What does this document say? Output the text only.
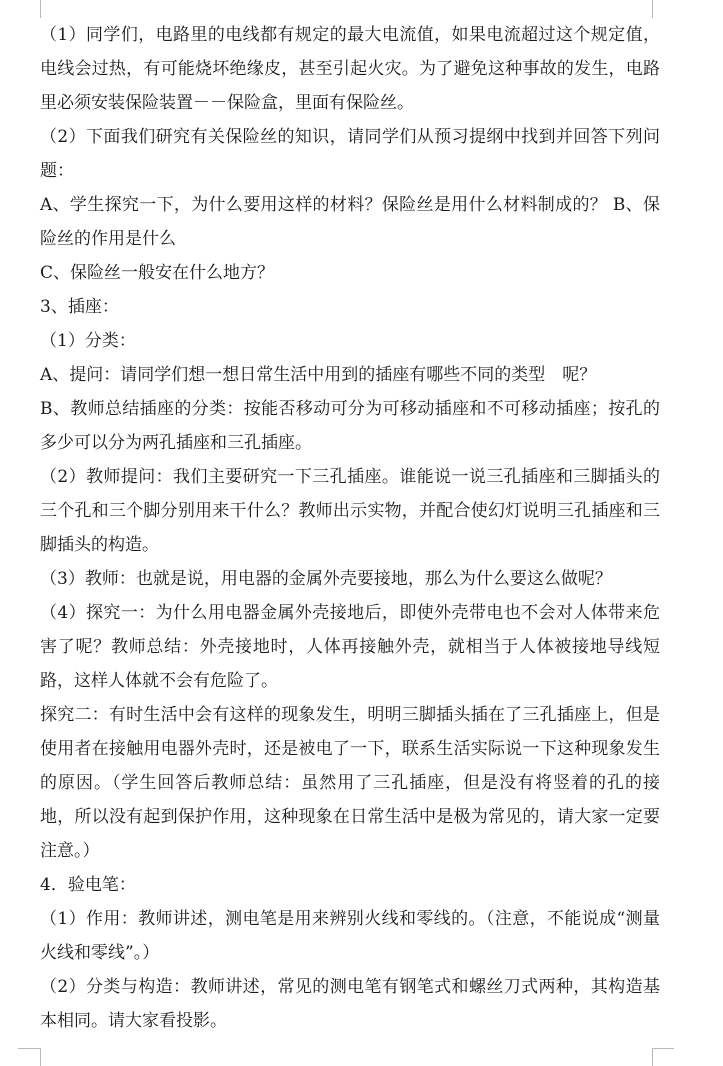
（1）同学们，电路里的电线都有规定的最大电流值，如果电流超过这个规定值，电线会过热，有可能烧坏绝缘皮，甚至引起火灾。为了避免这种事故的发生，电路里必须安装保险装置－－保险盒，里面有保险丝。

（2）下面我们研究有关保险丝的知识，请同学们从预习提纲中找到并回答下列问题：

A、学生探究一下，为什么要用这样的材料？保险丝是用什么材料制成的？ B、保险丝的作用是什么

C、保险丝一般安在什么地方？

3、插座：

（1）分类：

A、提问：请同学们想一想日常生活中用到的插座有哪些不同的类型　呢？

B、教师总结插座的分类：按能否移动可分为可移动插座和不可移动插座；按孔的多少可以分为两孔插座和三孔插座。

（2）教师提问：我们主要研究一下三孔插座。谁能说一说三孔插座和三脚插头的三个孔和三个脚分别用来干什么？教师出示实物，并配合使幻灯说明三孔插座和三脚插头的构造。

（3）教师：也就是说，用电器的金属外壳要接地，那么为什么要这么做呢？

（4）探究一：为什么用电器金属外壳接地后，即使外壳带电也不会对人体带来危害了呢？教师总结：外壳接地时，人体再接触外壳，就相当于人体被接地导线短路，这样人体就不会有危险了。

探究二：有时生活中会有这样的现象发生，明明三脚插头插在了三孔插座上，但是使用者在接触用电器外壳时，还是被电了一下，联系生活实际说一下这种现象发生的原因。（学生回答后教师总结：虽然用了三孔插座，但是没有将竖着的孔的接地，所以没有起到保护作用，这种现象在日常生活中是极为常见的，请大家一定要注意。）

4．验电笔：

（1）作用：教师讲述，测电笔是用来辨别火线和零线的。（注意，不能说成“测量火线和零线”。）

（2）分类与构造：教师讲述，常见的测电笔有钢笔式和螺丝刀式两种，其构造基本相同。请大家看投影。
